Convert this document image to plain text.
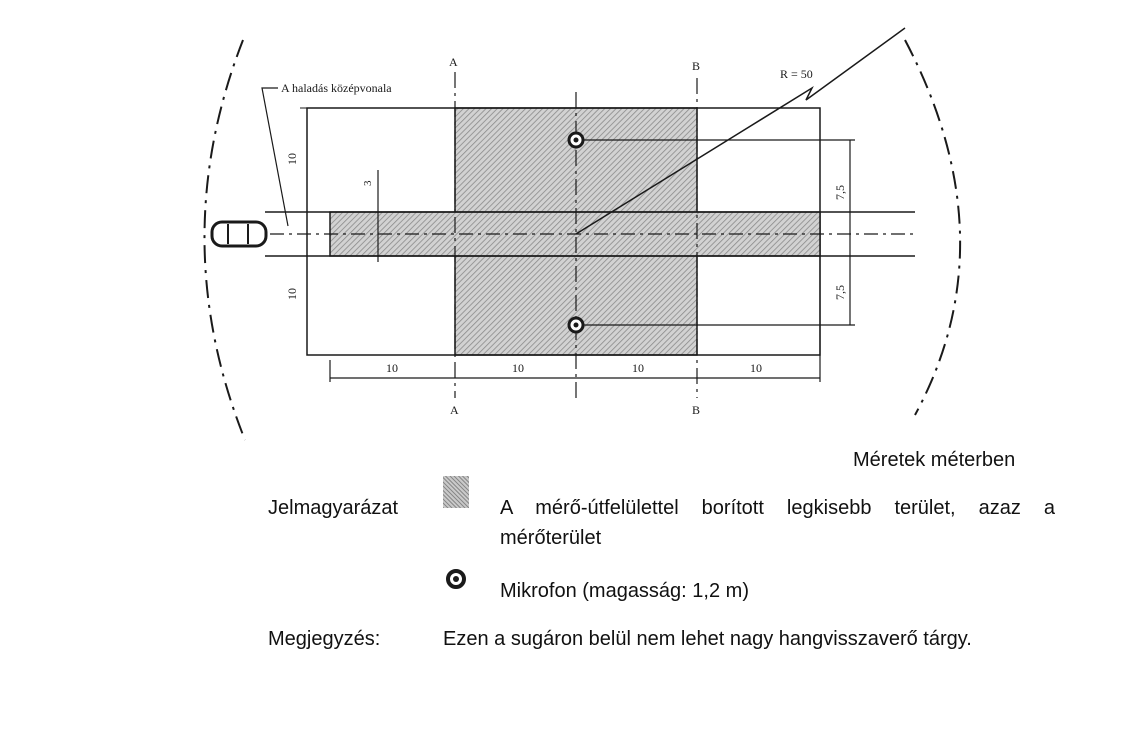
A	B
A	B
A haladás középvonala
R = 50
10
10
3
7,5
7,5
10	10	10	10
Méretek méterben
Jelmagyarázat	A mérő-útfelülettel borított legkisebb terület, azaz a mérőterület
Mikrofon (magasság: 1,2 m)
Megjegyzés:	Ezen a sugáron belül nem lehet nagy hangvisszaverő tárgy.
